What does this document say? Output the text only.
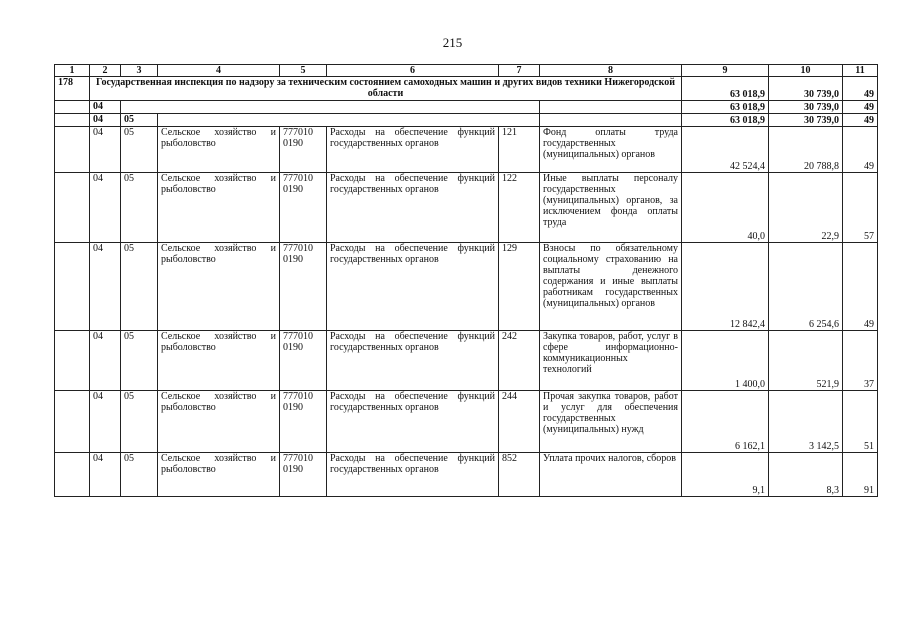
215
1	2	3	4	5	6	7	8	9	10	11
178	Государственная инспекция по надзору за техническим состоянием самоходных машин и других видов техники Нижегородской области							63 018,9	30 739,0	49
	04							63 018,9	30 739,0	49
	04	05						63 018,9	30 739,0	49
	04	05	Сельское хозяйство и рыболовство	777010 0190	Расходы на обеспечение функций государственных органов	121	Фонд оплаты труда государственных (муниципальных) органов	42 524,4	20 788,8	49
	04	05	Сельское хозяйство и рыболовство	777010 0190	Расходы на обеспечение функций государственных органов	122	Иные выплаты персоналу государственных (муниципальных) органов, за исключением фонда оплаты труда	40,0	22,9	57
	04	05	Сельское хозяйство и рыболовство	777010 0190	Расходы на обеспечение функций государственных органов	129	Взносы по обязательному социальному страхованию на выплаты денежного содержания и иные выплаты работникам государственных (муниципальных) органов	12 842,4	6 254,6	49
	04	05	Сельское хозяйство и рыболовство	777010 0190	Расходы на обеспечение функций государственных органов	242	Закупка товаров, работ, услуг в сфере информационно-коммуникационных технологий	1 400,0	521,9	37
	04	05	Сельское хозяйство и рыболовство	777010 0190	Расходы на обеспечение функций государственных органов	244	Прочая закупка товаров, работ и услуг для обеспечения государственных (муниципальных) нужд	6 162,1	3 142,5	51
	04	05	Сельское хозяйство и рыболовство	777010 0190	Расходы на обеспечение функций государственных органов	852	Уплата прочих налогов, сборов	9,1	8,3	91
